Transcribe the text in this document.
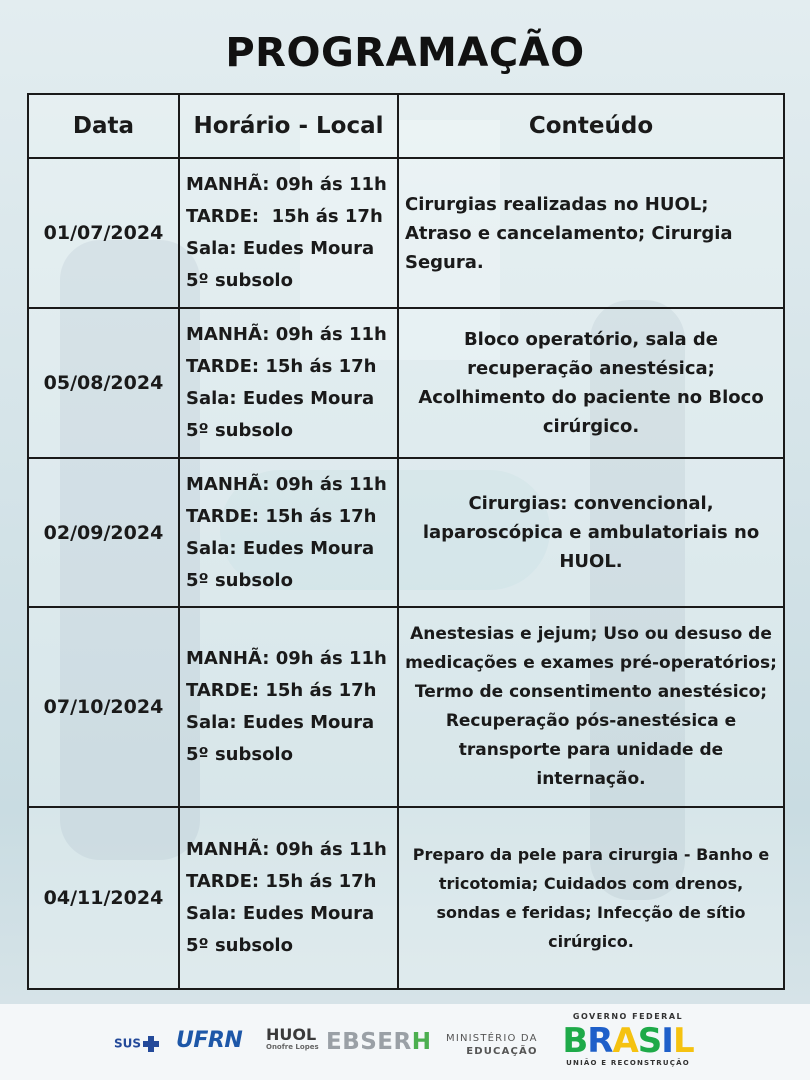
PROGRAMAÇÃO
Data	Horário - Local	Conteúdo
01/07/2024	MANHÃ: 09h ás 11h
TARDE:  15h ás 17h
Sala: Eudes Moura
5º subsolo	Cirurgias realizadas no HUOL; Atraso e cancelamento; Cirurgia Segura.
05/08/2024	MANHÃ: 09h ás 11h
TARDE: 15h ás 17h
Sala: Eudes Moura
5º subsolo	Bloco operatório, sala de recuperação anestésica; Acolhimento do paciente no Bloco cirúrgico.
02/09/2024	MANHÃ: 09h ás 11h
TARDE: 15h ás 17h
Sala: Eudes Moura
5º subsolo	Cirurgias: convencional, laparoscópica e ambulatoriais no HUOL.
07/10/2024	MANHÃ: 09h ás 11h
TARDE: 15h ás 17h
Sala: Eudes Moura
5º subsolo	Anestesias e jejum; Uso ou desuso de medicações e exames pré-operatórios; Termo de consentimento anestésico; Recuperação pós-anestésica e transporte para unidade de internação.
04/11/2024	MANHÃ: 09h ás 11h
TARDE: 15h ás 17h
Sala: Eudes Moura
5º subsolo	Preparo da pele para cirurgia - Banho e tricotomia; Cuidados com drenos, sondas e feridas; Infecção de sítio cirúrgico.
SUS	UFRN
HUOL
Onofre Lopes EBSERH MINISTÉRIO DA
EDUCAÇÃO
GOVERNO FEDERAL
BRASIL
UNIÃO E RECONSTRUÇÃO
